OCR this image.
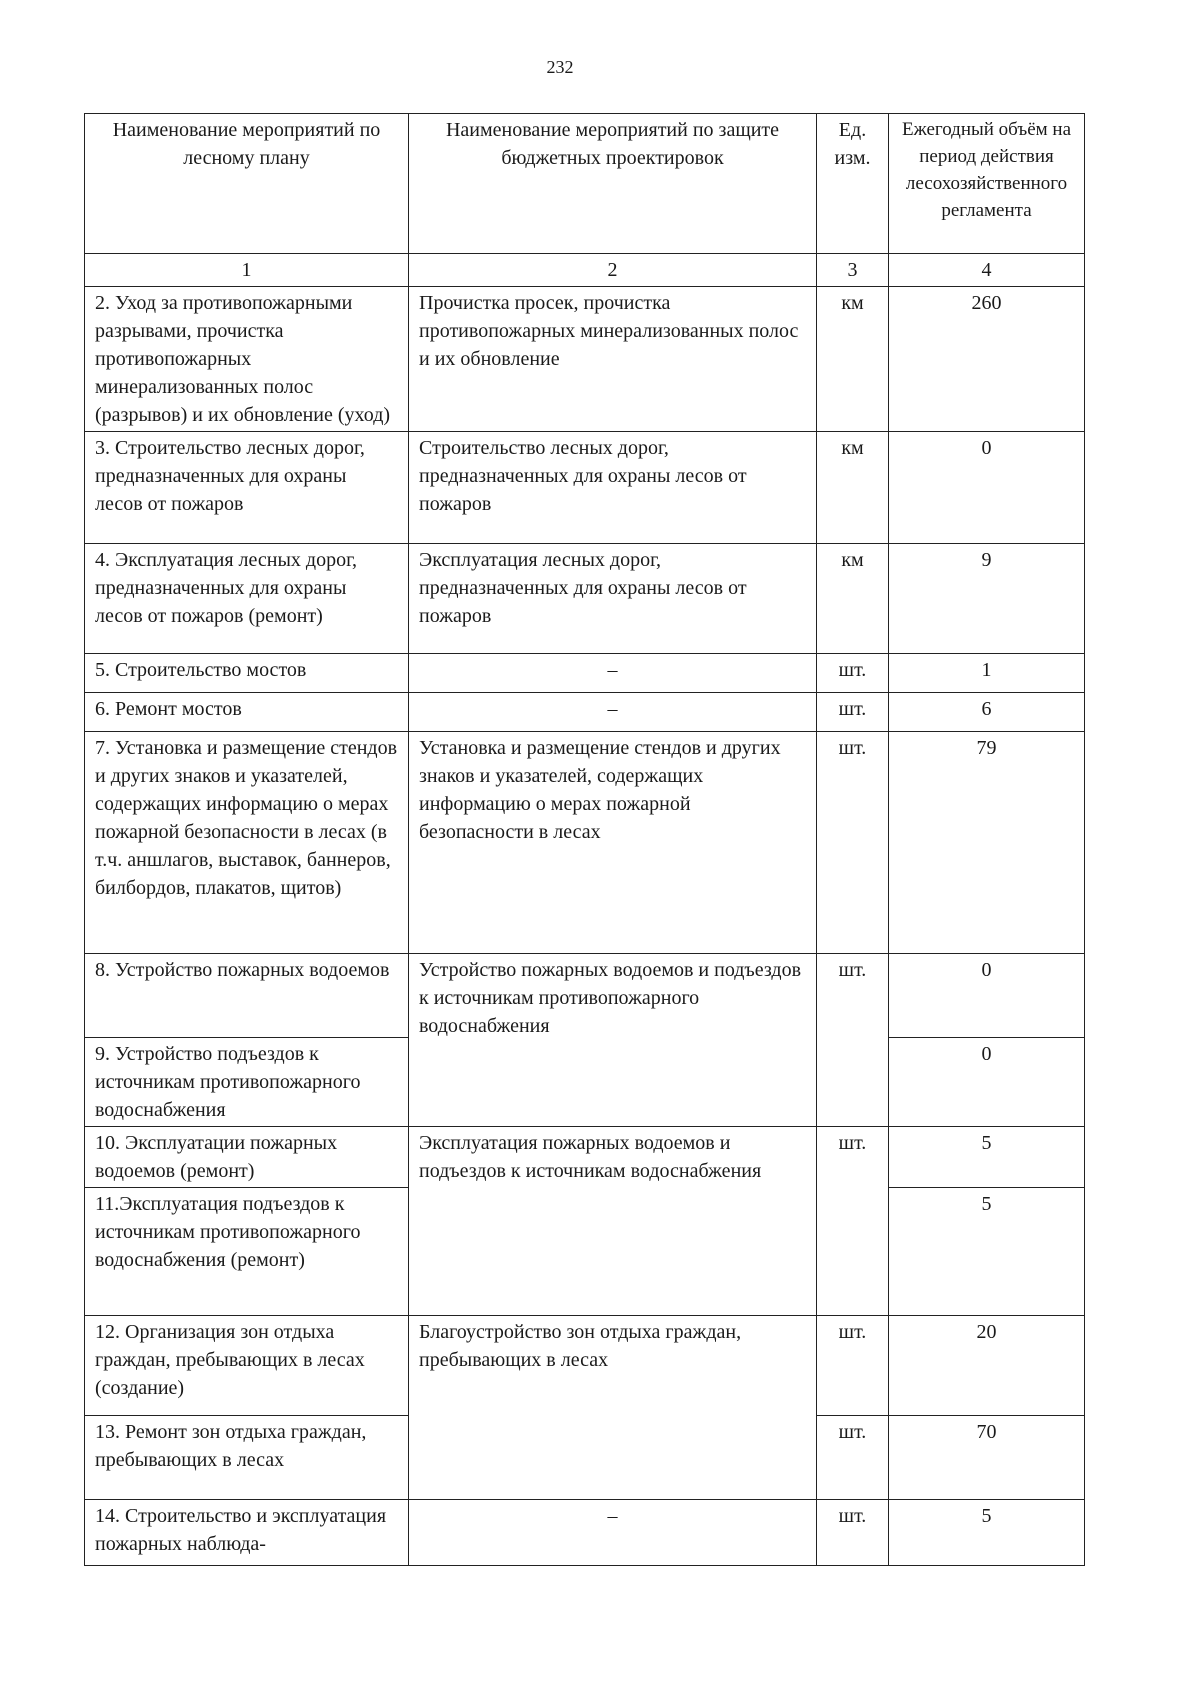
232
Наименование мероприятий по лесному плану	Наименование мероприятий по защите бюджетных проектировок	Ед. изм.	Ежегодный объём на период действия лесохозяйственного регламента
1	2	3	4
2. Уход за противопожарными разрывами, прочистка противопожарных минерализованных полос (разрывов) и их обновление (уход)	Прочистка просек, прочистка противопожарных минерализованных полос и их обновление	км	260
3. Строительство лесных дорог, предназначенных для охраны лесов от пожаров	Строительство лесных дорог, предназначенных для охраны лесов от пожаров	км	0
4. Эксплуатация лесных дорог, предназначенных для охраны лесов от пожаров (ремонт)	Эксплуатация лесных дорог, предназначенных для охраны лесов от пожаров	км	9
5. Строительство мостов	–	шт.	1
6. Ремонт мостов	–	шт.	6
7. Установка и размещение стендов и других знаков и указателей, содержащих информацию о мерах пожарной безопасности в лесах (в т.ч. аншлагов, выставок, баннеров, билбордов, плакатов, щитов)	Установка и размещение стендов и других знаков и указателей, содержащих информацию о мерах пожарной безопасности в лесах	шт.	79
8. Устройство пожарных водоемов	Устройство пожарных водоемов и подъездов к источникам противопожарного водоснабжения	шт.	0
9. Устройство подъездов к источникам противопожарного водоснабжения			0
10. Эксплуатации пожарных водоемов (ремонт)	Эксплуатация пожарных водоемов и подъездов к источникам водоснабжения	шт.	5
11.Эксплуатация подъездов к источникам противопожарного водоснабжения (ремонт)			5
12. Организация зон отдыха граждан, пребывающих в лесах (создание)	Благоустройство зон отдыха граждан, пребывающих в лесах	шт.	20
13. Ремонт зон отдыха граждан, пребывающих в лесах		шт.	70
14. Строительство и эксплуатация пожарных наблюда-	–	шт.	5
